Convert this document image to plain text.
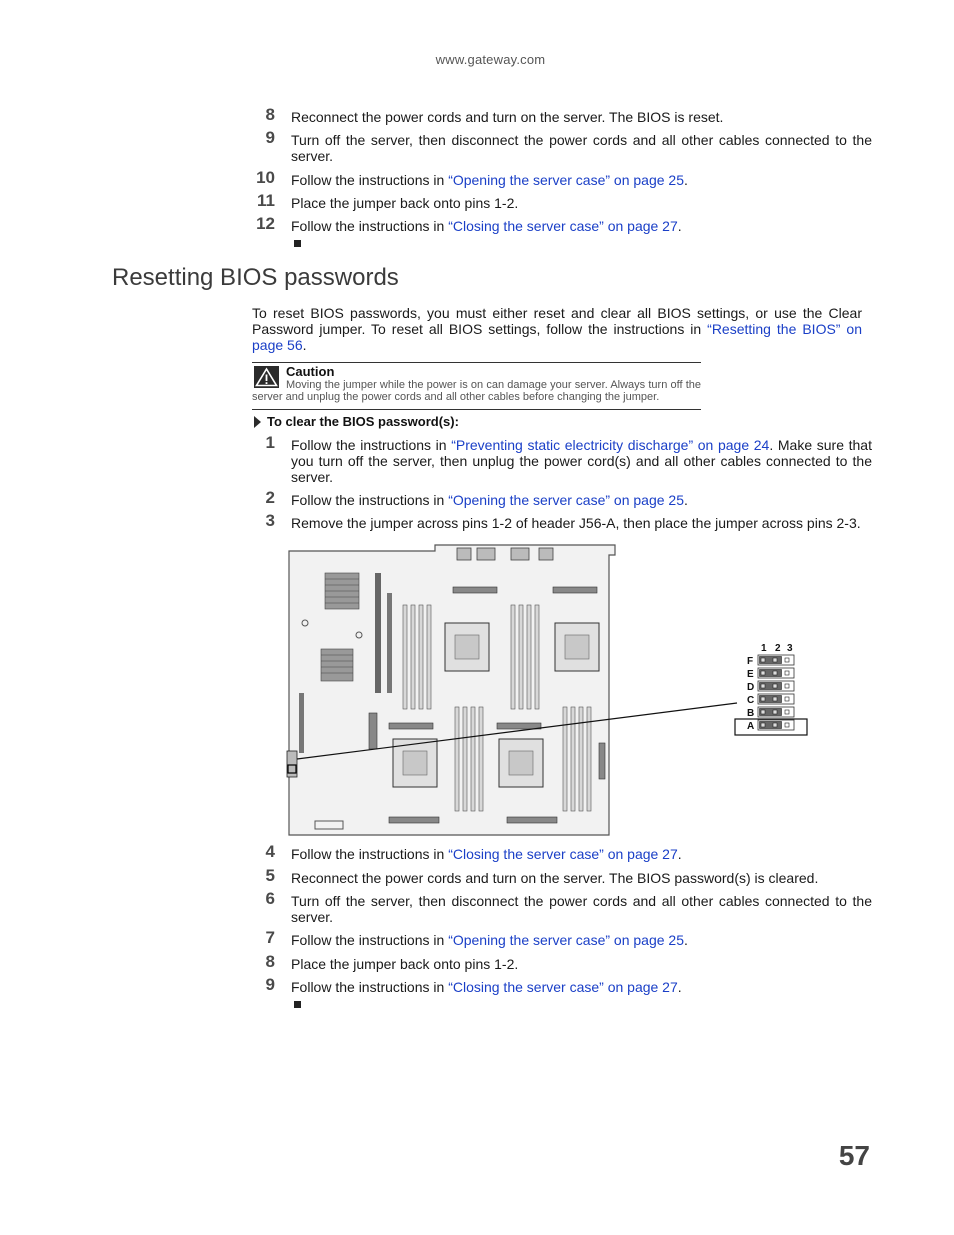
www.gateway.com
8 Reconnect the power cords and turn on the server. The BIOS is reset.
9 Turn off the server, then disconnect the power cords and all other cables connected to the server.
10 Follow the instructions in “Opening the server case” on page 25.
11 Place the jumper back onto pins 1-2.
12 Follow the instructions in “Closing the server case” on page 27.
Resetting BIOS passwords
To reset BIOS passwords, you must either reset and clear all BIOS settings, or use the Clear Password jumper. To reset all BIOS settings, follow the instructions in “Resetting the BIOS” on page 56.
Caution
Moving the jumper while the power is on can damage your server. Always turn off the server and unplug the power cords and all other cables before changing the jumper.
To clear the BIOS password(s):
1 Follow the instructions in “Preventing static electricity discharge” on page 24. Make sure that you turn off the server, then unplug the power cord(s) and all other cables connected to the server.
2 Follow the instructions in “Opening the server case” on page 25.
3 Remove the jumper across pins 1-2 of header J56-A, then place the jumper across pins 2-3.
1 2 3
F
E
D
C
B
A
4 Follow the instructions in “Closing the server case” on page 27.
5 Reconnect the power cords and turn on the server. The BIOS password(s) is cleared.
6 Turn off the server, then disconnect the power cords and all other cables connected to the server.
7 Follow the instructions in “Opening the server case” on page 25.
8 Place the jumper back onto pins 1-2.
9 Follow the instructions in “Closing the server case” on page 27.
57
